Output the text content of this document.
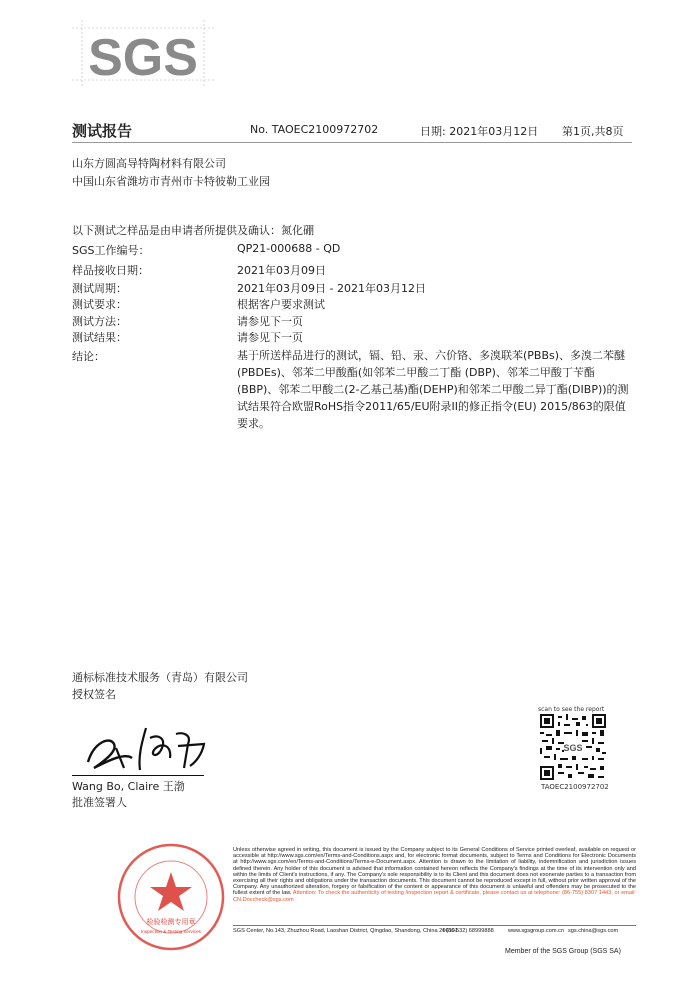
SGS
测试报告	No. TAOEC2100972702	日期: 2021年03月12日 第1页,共8页
山东方圆高导特陶材料有限公司
中国山东省潍坊市青州市卡特彼勒工业园
以下测试之样品是由申请者所提供及确认：氮化硼
SGS工作编号：	QP21-000688 - QD
样品接收日期：	2021年03月09日
测试周期：	2021年03月09日 - 2021年03月12日
测试要求：	根据客户要求测试
测试方法：	请参见下一页
测试结果：	请参见下一页
结论：	基于所送样品进行的测试，镉、铅、汞、六价铬、多溴联苯(PBBs)、多溴二苯醚(PBDEs)、邻苯二甲酸酯(如邻苯二甲酸二丁酯 (DBP)、邻苯二甲酸丁苄酯(BBP)、邻苯二甲酸二(2-乙基己基)酯(DEHP)和邻苯二甲酸二异丁酯(DIBP))的测试结果符合欧盟RoHS指令2011/65/EU附录II的修正指令(EU) 2015/863的限值要求。
通标标准技术服务（青岛）有限公司
授权签名
Wang Bo, Claire 王渤
批准签署人
scan to see the report
SGS
TAOEC2100972702
检验检测专用章
Inspection & Testing Services
Unless otherwise agreed in writing, this document is issued by the Company subject to its General Conditions of Service printed overleaf, available on request or accessible at http://www.sgs.com/en/Terms-and-Conditions.aspx and, for electronic format documents, subject to Terms and Conditions for Electronic Documents at http://www.sgs.com/en/Terms-and-Conditions/Terms-e-Document.aspx. Attention is drawn to the limitation of liability, indemnification and jurisdiction issues defined therein. Any holder of this document is advised that information contained hereon reflects the Company's findings at the time of its intervention only and within the limits of Client's instructions, if any. The Company's sole responsibility is to its Client and this document does not exonerate parties to a transaction from exercising all their rights and obligations under the transaction documents. This document cannot be reproduced except in full, without prior written approval of the Company. Any unauthorized alteration, forgery or falsification of the content or appearance of this document is unlawful and offenders may be prosecuted to the fullest extent of the law. Attention: To check the authenticity of testing /inspection report & certificate, please contact us at telephone: (86-755) 8307 1443, or email: CN.Doccheck@sgs.com
SGS Center, No.143, Zhuzhou Road, Laoshan District, Qingdao, Shandong, China 266101
t (86-532) 68999888	www.sgsgroup.com.cn sgs.china@sgs.com
Member of the SGS Group (SGS SA)
